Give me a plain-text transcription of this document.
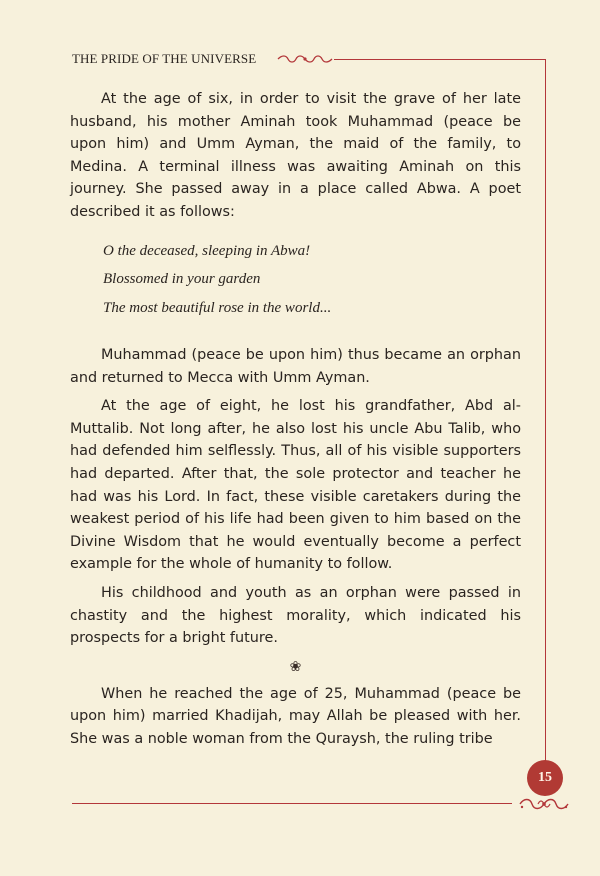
THE PRIDE OF THE UNIVERSE

At the age of six, in order to visit the grave of her late husband, his mother Aminah took Muhammad (peace be upon him) and Umm Ayman, the maid of the family, to Medina. A terminal illness was awaiting Aminah on this journey. She passed away in a place called Abwa. A poet described it as follows:

O the deceased, sleeping in Abwa!
Blossomed in your garden
The most beautiful rose in the world...

Muhammad (peace be upon him) thus became an orphan and returned to Mecca with Umm Ayman.

At the age of eight, he lost his grandfather, Abd al-Muttalib. Not long after, he also lost his uncle Abu Talib, who had defended him selflessly. Thus, all of his visible supporters had departed. After that, the sole protector and teacher he had was his Lord. In fact, these visible caretakers during the weakest period of his life had been given to him based on the Divine Wisdom that he would eventually become a perfect example for the whole of humanity to follow.

His childhood and youth as an orphan were passed in chastity and the highest morality, which indicated his prospects for a bright future.

❀

When he reached the age of 25, Muhammad (peace be upon him) married Khadijah, may Allah be pleased with her. She was a noble woman from the Quraysh, the ruling tribe

15
